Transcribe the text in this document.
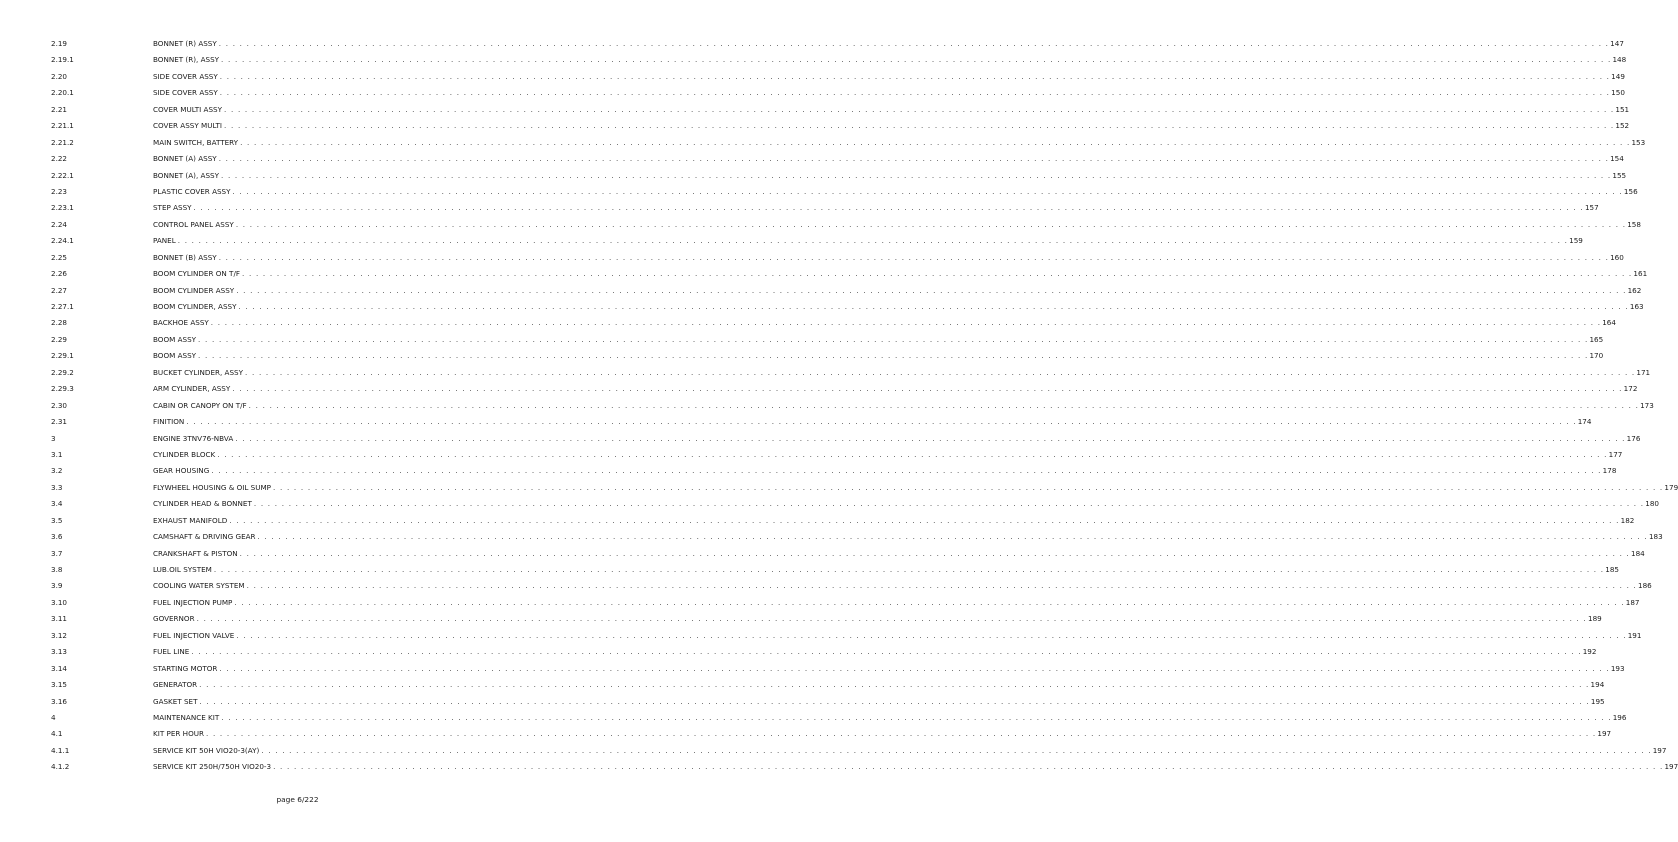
2.19	BONNET (R) ASSY . . . . . . . . . . . . . . . . . . . . . . . . . . . . . . . . . . . . . . . . . . . . . . . . . . . . . . . . . . . . . . . . . . . . . . . . . . . . . . . . . . . . . . . . . . . . . . . . . . . . . . . . . . . . . . . . . . . . . . . . . . . . . . . . . . . . . . . . . . . . . . . . . . . . . . . . . . . . . . . . . . . . . . . . . . . . . . . . . . . . . . . . . . . . . . . . . . . . . . . . 147
2.19.1	BONNET (R), ASSY . . . . . . . . . . . . . . . . . . . . . . . . . . . . . . . . . . . . . . . . . . . . . . . . . . . . . . . . . . . . . . . . . . . . . . . . . . . . . . . . . . . . . . . . . . . . . . . . . . . . . . . . . . . . . . . . . . . . . . . . . . . . . . . . . . . . . . . . . . . . . . . . . . . . . . . . . . . . . . . . . . . . . . . . . . . . . . . . . . . . . . . . . . . . . . . . . . . . . . . . 148
2.20	SIDE COVER ASSY . . . . . . . . . . . . . . . . . . . . . . . . . . . . . . . . . . . . . . . . . . . . . . . . . . . . . . . . . . . . . . . . . . . . . . . . . . . . . . . . . . . . . . . . . . . . . . . . . . . . . . . . . . . . . . . . . . . . . . . . . . . . . . . . . . . . . . . . . . . . . . . . . . . . . . . . . . . . . . . . . . . . . . . . . . . . . . . . . . . . . . . . . . . . . . . . . . . . . . . . 149
2.20.1	SIDE COVER ASSY . . . . . . . . . . . . . . . . . . . . . . . . . . . . . . . . . . . . . . . . . . . . . . . . . . . . . . . . . . . . . . . . . . . . . . . . . . . . . . . . . . . . . . . . . . . . . . . . . . . . . . . . . . . . . . . . . . . . . . . . . . . . . . . . . . . . . . . . . . . . . . . . . . . . . . . . . . . . . . . . . . . . . . . . . . . . . . . . . . . . . . . . . . . . . . . . . . . . . . . . 150
2.21	COVER MULTI ASSY . . . . . . . . . . . . . . . . . . . . . . . . . . . . . . . . . . . . . . . . . . . . . . . . . . . . . . . . . . . . . . . . . . . . . . . . . . . . . . . . . . . . . . . . . . . . . . . . . . . . . . . . . . . . . . . . . . . . . . . . . . . . . . . . . . . . . . . . . . . . . . . . . . . . . . . . . . . . . . . . . . . . . . . . . . . . . . . . . . . . . . . . . . . . . . . . . . . . . . . . 151
2.21.1	COVER ASSY MULTI . . . . . . . . . . . . . . . . . . . . . . . . . . . . . . . . . . . . . . . . . . . . . . . . . . . . . . . . . . . . . . . . . . . . . . . . . . . . . . . . . . . . . . . . . . . . . . . . . . . . . . . . . . . . . . . . . . . . . . . . . . . . . . . . . . . . . . . . . . . . . . . . . . . . . . . . . . . . . . . . . . . . . . . . . . . . . . . . . . . . . . . . . . . . . . . . . . . . . . . . 152
2.21.2	MAIN SWITCH, BATTERY . . . . . . . . . . . . . . . . . . . . . . . . . . . . . . . . . . . . . . . . . . . . . . . . . . . . . . . . . . . . . . . . . . . . . . . . . . . . . . . . . . . . . . . . . . . . . . . . . . . . . . . . . . . . . . . . . . . . . . . . . . . . . . . . . . . . . . . . . . . . . . . . . . . . . . . . . . . . . . . . . . . . . . . . . . . . . . . . . . . . . . . . . . . . . . . . . . . . . . . . 153
2.22	BONNET (A) ASSY . . . . . . . . . . . . . . . . . . . . . . . . . . . . . . . . . . . . . . . . . . . . . . . . . . . . . . . . . . . . . . . . . . . . . . . . . . . . . . . . . . . . . . . . . . . . . . . . . . . . . . . . . . . . . . . . . . . . . . . . . . . . . . . . . . . . . . . . . . . . . . . . . . . . . . . . . . . . . . . . . . . . . . . . . . . . . . . . . . . . . . . . . . . . . . . . . . . . . . . . 154
2.22.1	BONNET (A), ASSY . . . . . . . . . . . . . . . . . . . . . . . . . . . . . . . . . . . . . . . . . . . . . . . . . . . . . . . . . . . . . . . . . . . . . . . . . . . . . . . . . . . . . . . . . . . . . . . . . . . . . . . . . . . . . . . . . . . . . . . . . . . . . . . . . . . . . . . . . . . . . . . . . . . . . . . . . . . . . . . . . . . . . . . . . . . . . . . . . . . . . . . . . . . . . . . . . . . . . . . . 155
2.23	PLASTIC COVER ASSY . . . . . . . . . . . . . . . . . . . . . . . . . . . . . . . . . . . . . . . . . . . . . . . . . . . . . . . . . . . . . . . . . . . . . . . . . . . . . . . . . . . . . . . . . . . . . . . . . . . . . . . . . . . . . . . . . . . . . . . . . . . . . . . . . . . . . . . . . . . . . . . . . . . . . . . . . . . . . . . . . . . . . . . . . . . . . . . . . . . . . . . . . . . . . . . . . . . . . . . . 156
2.23.1	STEP ASSY . . . . . . . . . . . . . . . . . . . . . . . . . . . . . . . . . . . . . . . . . . . . . . . . . . . . . . . . . . . . . . . . . . . . . . . . . . . . . . . . . . . . . . . . . . . . . . . . . . . . . . . . . . . . . . . . . . . . . . . . . . . . . . . . . . . . . . . . . . . . . . . . . . . . . . . . . . . . . . . . . . . . . . . . . . . . . . . . . . . . . . . . . . . . . . . . . . . . . . . . 157
2.24	CONTROL PANEL ASSY . . . . . . . . . . . . . . . . . . . . . . . . . . . . . . . . . . . . . . . . . . . . . . . . . . . . . . . . . . . . . . . . . . . . . . . . . . . . . . . . . . . . . . . . . . . . . . . . . . . . . . . . . . . . . . . . . . . . . . . . . . . . . . . . . . . . . . . . . . . . . . . . . . . . . . . . . . . . . . . . . . . . . . . . . . . . . . . . . . . . . . . . . . . . . . . . . . . . . . . . 158
2.24.1	PANEL . . . . . . . . . . . . . . . . . . . . . . . . . . . . . . . . . . . . . . . . . . . . . . . . . . . . . . . . . . . . . . . . . . . . . . . . . . . . . . . . . . . . . . . . . . . . . . . . . . . . . . . . . . . . . . . . . . . . . . . . . . . . . . . . . . . . . . . . . . . . . . . . . . . . . . . . . . . . . . . . . . . . . . . . . . . . . . . . . . . . . . . . . . . . . . . . . . . . . . . . 159
2.25	BONNET (B) ASSY . . . . . . . . . . . . . . . . . . . . . . . . . . . . . . . . . . . . . . . . . . . . . . . . . . . . . . . . . . . . . . . . . . . . . . . . . . . . . . . . . . . . . . . . . . . . . . . . . . . . . . . . . . . . . . . . . . . . . . . . . . . . . . . . . . . . . . . . . . . . . . . . . . . . . . . . . . . . . . . . . . . . . . . . . . . . . . . . . . . . . . . . . . . . . . . . . . . . . . . . 160
2.26	BOOM CYLINDER ON T/F . . . . . . . . . . . . . . . . . . . . . . . . . . . . . . . . . . . . . . . . . . . . . . . . . . . . . . . . . . . . . . . . . . . . . . . . . . . . . . . . . . . . . . . . . . . . . . . . . . . . . . . . . . . . . . . . . . . . . . . . . . . . . . . . . . . . . . . . . . . . . . . . . . . . . . . . . . . . . . . . . . . . . . . . . . . . . . . . . . . . . . . . . . . . . . . . . . . . . . . . 161
2.27	BOOM CYLINDER ASSY . . . . . . . . . . . . . . . . . . . . . . . . . . . . . . . . . . . . . . . . . . . . . . . . . . . . . . . . . . . . . . . . . . . . . . . . . . . . . . . . . . . . . . . . . . . . . . . . . . . . . . . . . . . . . . . . . . . . . . . . . . . . . . . . . . . . . . . . . . . . . . . . . . . . . . . . . . . . . . . . . . . . . . . . . . . . . . . . . . . . . . . . . . . . . . . . . . . . . . . . 162
2.27.1	BOOM CYLINDER, ASSY . . . . . . . . . . . . . . . . . . . . . . . . . . . . . . . . . . . . . . . . . . . . . . . . . . . . . . . . . . . . . . . . . . . . . . . . . . . . . . . . . . . . . . . . . . . . . . . . . . . . . . . . . . . . . . . . . . . . . . . . . . . . . . . . . . . . . . . . . . . . . . . . . . . . . . . . . . . . . . . . . . . . . . . . . . . . . . . . . . . . . . . . . . . . . . . . . . . . . . . . 163
2.28	BACKHOE ASSY . . . . . . . . . . . . . . . . . . . . . . . . . . . . . . . . . . . . . . . . . . . . . . . . . . . . . . . . . . . . . . . . . . . . . . . . . . . . . . . . . . . . . . . . . . . . . . . . . . . . . . . . . . . . . . . . . . . . . . . . . . . . . . . . . . . . . . . . . . . . . . . . . . . . . . . . . . . . . . . . . . . . . . . . . . . . . . . . . . . . . . . . . . . . . . . . . . . . . . . . 164
2.29	BOOM ASSY . . . . . . . . . . . . . . . . . . . . . . . . . . . . . . . . . . . . . . . . . . . . . . . . . . . . . . . . . . . . . . . . . . . . . . . . . . . . . . . . . . . . . . . . . . . . . . . . . . . . . . . . . . . . . . . . . . . . . . . . . . . . . . . . . . . . . . . . . . . . . . . . . . . . . . . . . . . . . . . . . . . . . . . . . . . . . . . . . . . . . . . . . . . . . . . . . . . . . . . . 165
2.29.1	BOOM ASSY . . . . . . . . . . . . . . . . . . . . . . . . . . . . . . . . . . . . . . . . . . . . . . . . . . . . . . . . . . . . . . . . . . . . . . . . . . . . . . . . . . . . . . . . . . . . . . . . . . . . . . . . . . . . . . . . . . . . . . . . . . . . . . . . . . . . . . . . . . . . . . . . . . . . . . . . . . . . . . . . . . . . . . . . . . . . . . . . . . . . . . . . . . . . . . . . . . . . . . . . 170
2.29.2	BUCKET CYLINDER, ASSY . . . . . . . . . . . . . . . . . . . . . . . . . . . . . . . . . . . . . . . . . . . . . . . . . . . . . . . . . . . . . . . . . . . . . . . . . . . . . . . . . . . . . . . . . . . . . . . . . . . . . . . . . . . . . . . . . . . . . . . . . . . . . . . . . . . . . . . . . . . . . . . . . . . . . . . . . . . . . . . . . . . . . . . . . . . . . . . . . . . . . . . . . . . . . . . . . . . . . . . . 171
2.29.3	ARM CYLINDER, ASSY . . . . . . . . . . . . . . . . . . . . . . . . . . . . . . . . . . . . . . . . . . . . . . . . . . . . . . . . . . . . . . . . . . . . . . . . . . . . . . . . . . . . . . . . . . . . . . . . . . . . . . . . . . . . . . . . . . . . . . . . . . . . . . . . . . . . . . . . . . . . . . . . . . . . . . . . . . . . . . . . . . . . . . . . . . . . . . . . . . . . . . . . . . . . . . . . . . . . . . . . 172
2.30	CABIN OR CANOPY ON T/F . . . . . . . . . . . . . . . . . . . . . . . . . . . . . . . . . . . . . . . . . . . . . . . . . . . . . . . . . . . . . . . . . . . . . . . . . . . . . . . . . . . . . . . . . . . . . . . . . . . . . . . . . . . . . . . . . . . . . . . . . . . . . . . . . . . . . . . . . . . . . . . . . . . . . . . . . . . . . . . . . . . . . . . . . . . . . . . . . . . . . . . . . . . . . . . . . . . . . . . . 173
2.31	FINITION . . . . . . . . . . . . . . . . . . . . . . . . . . . . . . . . . . . . . . . . . . . . . . . . . . . . . . . . . . . . . . . . . . . . . . . . . . . . . . . . . . . . . . . . . . . . . . . . . . . . . . . . . . . . . . . . . . . . . . . . . . . . . . . . . . . . . . . . . . . . . . . . . . . . . . . . . . . . . . . . . . . . . . . . . . . . . . . . . . . . . . . . . . . . . . . . . . . . . . . . 174
3	ENGINE 3TNV76-NBVA . . . . . . . . . . . . . . . . . . . . . . . . . . . . . . . . . . . . . . . . . . . . . . . . . . . . . . . . . . . . . . . . . . . . . . . . . . . . . . . . . . . . . . . . . . . . . . . . . . . . . . . . . . . . . . . . . . . . . . . . . . . . . . . . . . . . . . . . . . . . . . . . . . . . . . . . . . . . . . . . . . . . . . . . . . . . . . . . . . . . . . . . . . . . . . . . . . . . . . . . 176
3.1	CYLINDER BLOCK . . . . . . . . . . . . . . . . . . . . . . . . . . . . . . . . . . . . . . . . . . . . . . . . . . . . . . . . . . . . . . . . . . . . . . . . . . . . . . . . . . . . . . . . . . . . . . . . . . . . . . . . . . . . . . . . . . . . . . . . . . . . . . . . . . . . . . . . . . . . . . . . . . . . . . . . . . . . . . . . . . . . . . . . . . . . . . . . . . . . . . . . . . . . . . . . . . . . . . . . 177
3.2	GEAR HOUSING . . . . . . . . . . . . . . . . . . . . . . . . . . . . . . . . . . . . . . . . . . . . . . . . . . . . . . . . . . . . . . . . . . . . . . . . . . . . . . . . . . . . . . . . . . . . . . . . . . . . . . . . . . . . . . . . . . . . . . . . . . . . . . . . . . . . . . . . . . . . . . . . . . . . . . . . . . . . . . . . . . . . . . . . . . . . . . . . . . . . . . . . . . . . . . . . . . . . . . . . 178
3.3	FLYWHEEL HOUSING & OIL SUMP . . . . . . . . . . . . . . . . . . . . . . . . . . . . . . . . . . . . . . . . . . . . . . . . . . . . . . . . . . . . . . . . . . . . . . . . . . . . . . . . . . . . . . . . . . . . . . . . . . . . . . . . . . . . . . . . . . . . . . . . . . . . . . . . . . . . . . . . . . . . . . . . . . . . . . . . . . . . . . . . . . . . . . . . . . . . . . . . . . . . . . . . . . . . . . . . . . . . . . . . 179
3.4	CYLINDER HEAD & BONNET . . . . . . . . . . . . . . . . . . . . . . . . . . . . . . . . . . . . . . . . . . . . . . . . . . . . . . . . . . . . . . . . . . . . . . . . . . . . . . . . . . . . . . . . . . . . . . . . . . . . . . . . . . . . . . . . . . . . . . . . . . . . . . . . . . . . . . . . . . . . . . . . . . . . . . . . . . . . . . . . . . . . . . . . . . . . . . . . . . . . . . . . . . . . . . . . . . . . . . . . 180
3.5	EXHAUST MANIFOLD . . . . . . . . . . . . . . . . . . . . . . . . . . . . . . . . . . . . . . . . . . . . . . . . . . . . . . . . . . . . . . . . . . . . . . . . . . . . . . . . . . . . . . . . . . . . . . . . . . . . . . . . . . . . . . . . . . . . . . . . . . . . . . . . . . . . . . . . . . . . . . . . . . . . . . . . . . . . . . . . . . . . . . . . . . . . . . . . . . . . . . . . . . . . . . . . . . . . . . . . 182
3.6	CAMSHAFT & DRIVING GEAR . . . . . . . . . . . . . . . . . . . . . . . . . . . . . . . . . . . . . . . . . . . . . . . . . . . . . . . . . . . . . . . . . . . . . . . . . . . . . . . . . . . . . . . . . . . . . . . . . . . . . . . . . . . . . . . . . . . . . . . . . . . . . . . . . . . . . . . . . . . . . . . . . . . . . . . . . . . . . . . . . . . . . . . . . . . . . . . . . . . . . . . . . . . . . . . . . . . . . . . . 183
3.7	CRANKSHAFT & PISTON . . . . . . . . . . . . . . . . . . . . . . . . . . . . . . . . . . . . . . . . . . . . . . . . . . . . . . . . . . . . . . . . . . . . . . . . . . . . . . . . . . . . . . . . . . . . . . . . . . . . . . . . . . . . . . . . . . . . . . . . . . . . . . . . . . . . . . . . . . . . . . . . . . . . . . . . . . . . . . . . . . . . . . . . . . . . . . . . . . . . . . . . . . . . . . . . . . . . . . . . 184
3.8	LUB.OIL SYSTEM . . . . . . . . . . . . . . . . . . . . . . . . . . . . . . . . . . . . . . . . . . . . . . . . . . . . . . . . . . . . . . . . . . . . . . . . . . . . . . . . . . . . . . . . . . . . . . . . . . . . . . . . . . . . . . . . . . . . . . . . . . . . . . . . . . . . . . . . . . . . . . . . . . . . . . . . . . . . . . . . . . . . . . . . . . . . . . . . . . . . . . . . . . . . . . . . . . . . . . . . 185
3.9	COOLING WATER SYSTEM . . . . . . . . . . . . . . . . . . . . . . . . . . . . . . . . . . . . . . . . . . . . . . . . . . . . . . . . . . . . . . . . . . . . . . . . . . . . . . . . . . . . . . . . . . . . . . . . . . . . . . . . . . . . . . . . . . . . . . . . . . . . . . . . . . . . . . . . . . . . . . . . . . . . . . . . . . . . . . . . . . . . . . . . . . . . . . . . . . . . . . . . . . . . . . . . . . . . . . . . 186
3.10	FUEL INJECTION PUMP . . . . . . . . . . . . . . . . . . . . . . . . . . . . . . . . . . . . . . . . . . . . . . . . . . . . . . . . . . . . . . . . . . . . . . . . . . . . . . . . . . . . . . . . . . . . . . . . . . . . . . . . . . . . . . . . . . . . . . . . . . . . . . . . . . . . . . . . . . . . . . . . . . . . . . . . . . . . . . . . . . . . . . . . . . . . . . . . . . . . . . . . . . . . . . . . . . . . . . . . 187
3.11	GOVERNOR . . . . . . . . . . . . . . . . . . . . . . . . . . . . . . . . . . . . . . . . . . . . . . . . . . . . . . . . . . . . . . . . . . . . . . . . . . . . . . . . . . . . . . . . . . . . . . . . . . . . . . . . . . . . . . . . . . . . . . . . . . . . . . . . . . . . . . . . . . . . . . . . . . . . . . . . . . . . . . . . . . . . . . . . . . . . . . . . . . . . . . . . . . . . . . . . . . . . . . . . 189
3.12	FUEL INJECTION VALVE . . . . . . . . . . . . . . . . . . . . . . . . . . . . . . . . . . . . . . . . . . . . . . . . . . . . . . . . . . . . . . . . . . . . . . . . . . . . . . . . . . . . . . . . . . . . . . . . . . . . . . . . . . . . . . . . . . . . . . . . . . . . . . . . . . . . . . . . . . . . . . . . . . . . . . . . . . . . . . . . . . . . . . . . . . . . . . . . . . . . . . . . . . . . . . . . . . . . . . . . 191
3.13	FUEL LINE . . . . . . . . . . . . . . . . . . . . . . . . . . . . . . . . . . . . . . . . . . . . . . . . . . . . . . . . . . . . . . . . . . . . . . . . . . . . . . . . . . . . . . . . . . . . . . . . . . . . . . . . . . . . . . . . . . . . . . . . . . . . . . . . . . . . . . . . . . . . . . . . . . . . . . . . . . . . . . . . . . . . . . . . . . . . . . . . . . . . . . . . . . . . . . . . . . . . . . . . 192
3.14	STARTING MOTOR . . . . . . . . . . . . . . . . . . . . . . . . . . . . . . . . . . . . . . . . . . . . . . . . . . . . . . . . . . . . . . . . . . . . . . . . . . . . . . . . . . . . . . . . . . . . . . . . . . . . . . . . . . . . . . . . . . . . . . . . . . . . . . . . . . . . . . . . . . . . . . . . . . . . . . . . . . . . . . . . . . . . . . . . . . . . . . . . . . . . . . . . . . . . . . . . . . . . . . . . 193
3.15	GENERATOR . . . . . . . . . . . . . . . . . . . . . . . . . . . . . . . . . . . . . . . . . . . . . . . . . . . . . . . . . . . . . . . . . . . . . . . . . . . . . . . . . . . . . . . . . . . . . . . . . . . . . . . . . . . . . . . . . . . . . . . . . . . . . . . . . . . . . . . . . . . . . . . . . . . . . . . . . . . . . . . . . . . . . . . . . . . . . . . . . . . . . . . . . . . . . . . . . . . . . . . . 194
3.16	GASKET SET . . . . . . . . . . . . . . . . . . . . . . . . . . . . . . . . . . . . . . . . . . . . . . . . . . . . . . . . . . . . . . . . . . . . . . . . . . . . . . . . . . . . . . . . . . . . . . . . . . . . . . . . . . . . . . . . . . . . . . . . . . . . . . . . . . . . . . . . . . . . . . . . . . . . . . . . . . . . . . . . . . . . . . . . . . . . . . . . . . . . . . . . . . . . . . . . . . . . . . . . 195
4	MAINTENANCE KIT . . . . . . . . . . . . . . . . . . . . . . . . . . . . . . . . . . . . . . . . . . . . . . . . . . . . . . . . . . . . . . . . . . . . . . . . . . . . . . . . . . . . . . . . . . . . . . . . . . . . . . . . . . . . . . . . . . . . . . . . . . . . . . . . . . . . . . . . . . . . . . . . . . . . . . . . . . . . . . . . . . . . . . . . . . . . . . . . . . . . . . . . . . . . . . . . . . . . . . . . 196
4.1	KIT PER HOUR . . . . . . . . . . . . . . . . . . . . . . . . . . . . . . . . . . . . . . . . . . . . . . . . . . . . . . . . . . . . . . . . . . . . . . . . . . . . . . . . . . . . . . . . . . . . . . . . . . . . . . . . . . . . . . . . . . . . . . . . . . . . . . . . . . . . . . . . . . . . . . . . . . . . . . . . . . . . . . . . . . . . . . . . . . . . . . . . . . . . . . . . . . . . . . . . . . . . . . . . 197
4.1.1	SERVICE KIT 50H VIO20-3(AY) . . . . . . . . . . . . . . . . . . . . . . . . . . . . . . . . . . . . . . . . . . . . . . . . . . . . . . . . . . . . . . . . . . . . . . . . . . . . . . . . . . . . . . . . . . . . . . . . . . . . . . . . . . . . . . . . . . . . . . . . . . . . . . . . . . . . . . . . . . . . . . . . . . . . . . . . . . . . . . . . . . . . . . . . . . . . . . . . . . . . . . . . . . . . . . . . . . . . . . . . 197
4.1.2	SERVICE KIT 250H/750H VIO20-3 . . . . . . . . . . . . . . . . . . . . . . . . . . . . . . . . . . . . . . . . . . . . . . . . . . . . . . . . . . . . . . . . . . . . . . . . . . . . . . . . . . . . . . . . . . . . . . . . . . . . . . . . . . . . . . . . . . . . . . . . . . . . . . . . . . . . . . . . . . . . . . . . . . . . . . . . . . . . . . . . . . . . . . . . . . . . . . . . . . . . . . . . . . . . . . . . . . . . . . . . 197
page 6/222
